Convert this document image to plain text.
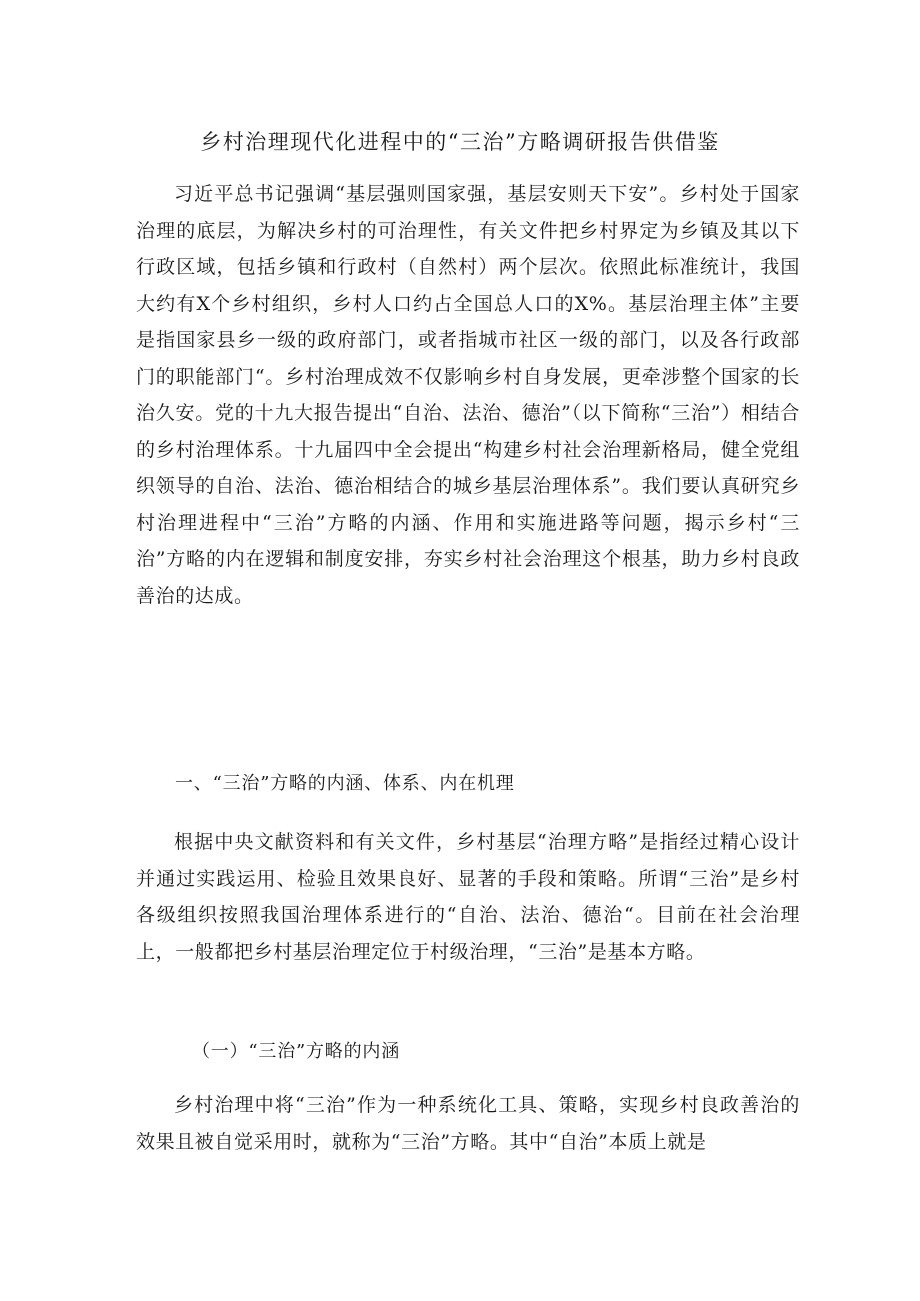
乡村治理现代化进程中的“三治”方略调研报告供借鉴

习近平总书记强调“基层强则国家强，基层安则天下安”。乡村处于国家治理的底层，为解决乡村的可治理性，有关文件把乡村界定为乡镇及其以下行政区域，包括乡镇和行政村（自然村）两个层次。依照此标准统计，我国大约有X个乡村组织，乡村人口约占全国总人口的X%。基层治理主体”主要是指国家县乡一级的政府部门，或者指城市社区一级的部门，以及各行政部门的职能部门“。乡村治理成效不仅影响乡村自身发展，更牵涉整个国家的长治久安。党的十九大报告提出“自治、法治、德治”（以下简称“三治”）相结合的乡村治理体系。十九届四中全会提出“构建乡村社会治理新格局，健全党组织领导的自治、法治、德治相结合的城乡基层治理体系”。我们要认真研究乡村治理进程中“三治”方略的内涵、作用和实施进路等问题，揭示乡村“三治”方略的内在逻辑和制度安排，夯实乡村社会治理这个根基，助力乡村良政善治的达成。

一、“三治”方略的内涵、体系、内在机理

根据中央文献资料和有关文件，乡村基层“治理方略”是指经过精心设计并通过实践运用、检验且效果良好、显著的手段和策略。所谓“三治”是乡村各级组织按照我国治理体系进行的“自治、法治、德治“。目前在社会治理上，一般都把乡村基层治理定位于村级治理，“三治”是基本方略。

（一）“三治”方略的内涵

乡村治理中将“三治”作为一种系统化工具、策略，实现乡村良政善治的效果且被自觉采用时，就称为“三治”方略。其中“自治”本质上就是
